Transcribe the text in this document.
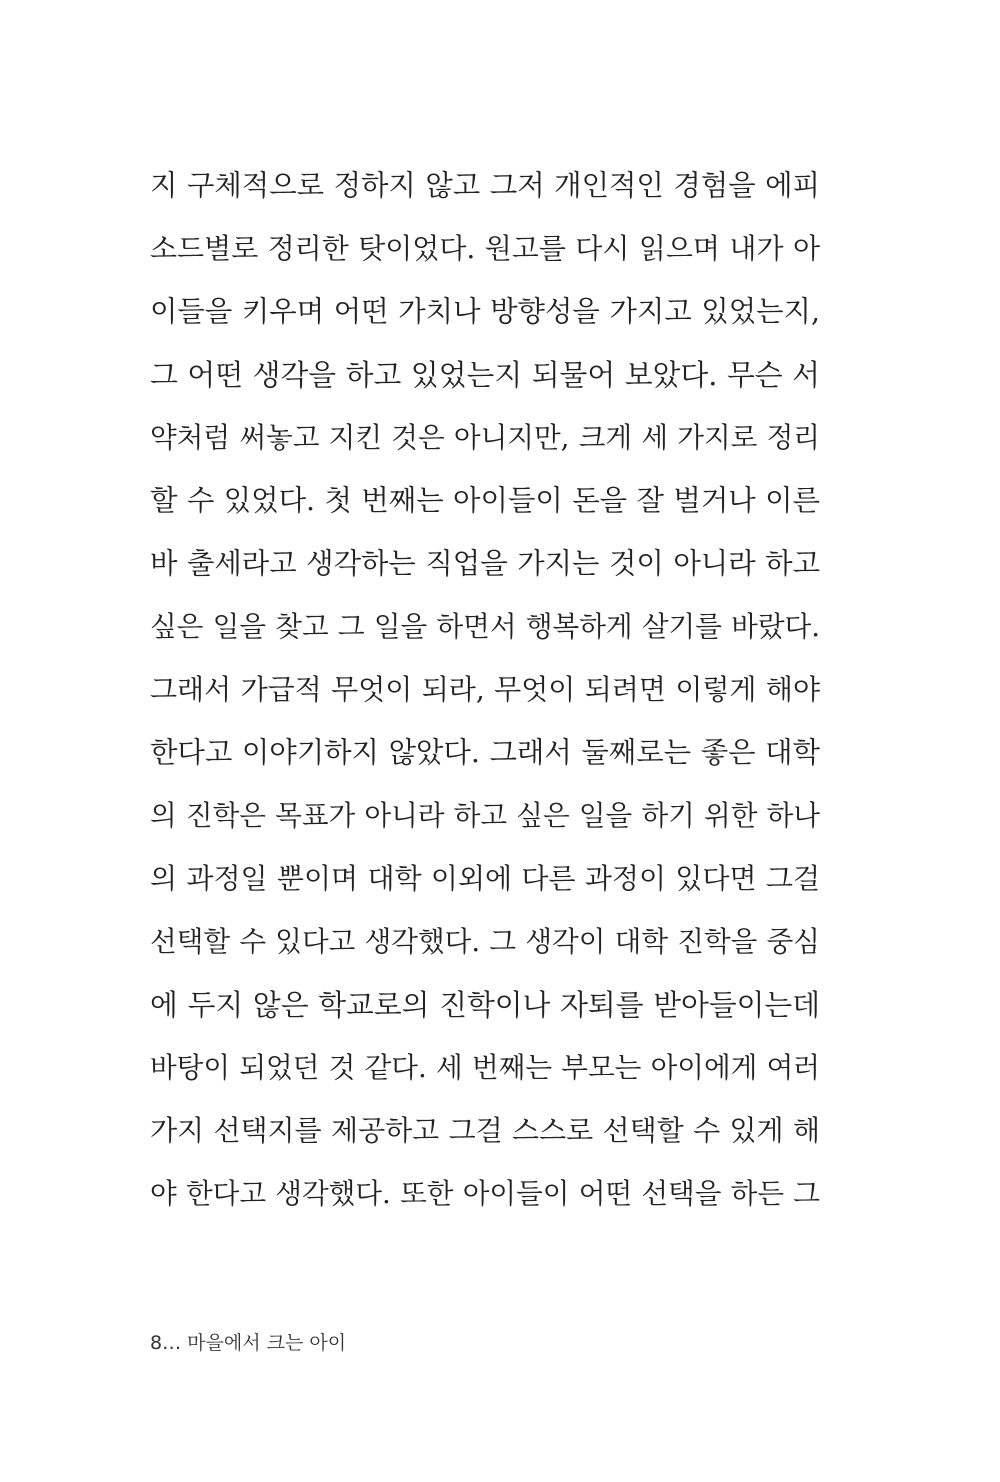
지 구체적으로 정하지 않고 그저 개인적인 경험을 에피
소드별로 정리한 탓이었다. 원고를 다시 읽으며 내가 아
이들을 키우며 어떤 가치나 방향성을 가지고 있었는지,
그 어떤 생각을 하고 있었는지 되물어 보았다. 무슨 서
약처럼 써놓고 지킨 것은 아니지만, 크게 세 가지로 정리
할 수 있었다. 첫 번째는 아이들이 돈을 잘 벌거나 이른
바 출세라고 생각하는 직업을 가지는 것이 아니라 하고
싶은 일을 찾고 그 일을 하면서 행복하게 살기를 바랐다.
그래서 가급적 무엇이 되라, 무엇이 되려면 이렇게 해야
한다고 이야기하지 않았다. 그래서 둘째로는 좋은 대학
의 진학은 목표가 아니라 하고 싶은 일을 하기 위한 하나
의 과정일 뿐이며 대학 이외에 다른 과정이 있다면 그걸
선택할 수 있다고 생각했다. 그 생각이 대학 진학을 중심
에 두지 않은 학교로의 진학이나 자퇴를 받아들이는데
바탕이 되었던 것 같다. 세 번째는 부모는 아이에게 여러
가지 선택지를 제공하고 그걸 스스로 선택할 수 있게 해
야 한다고 생각했다. 또한 아이들이 어떤 선택을 하든 그
8… 마을에서 크는 아이
